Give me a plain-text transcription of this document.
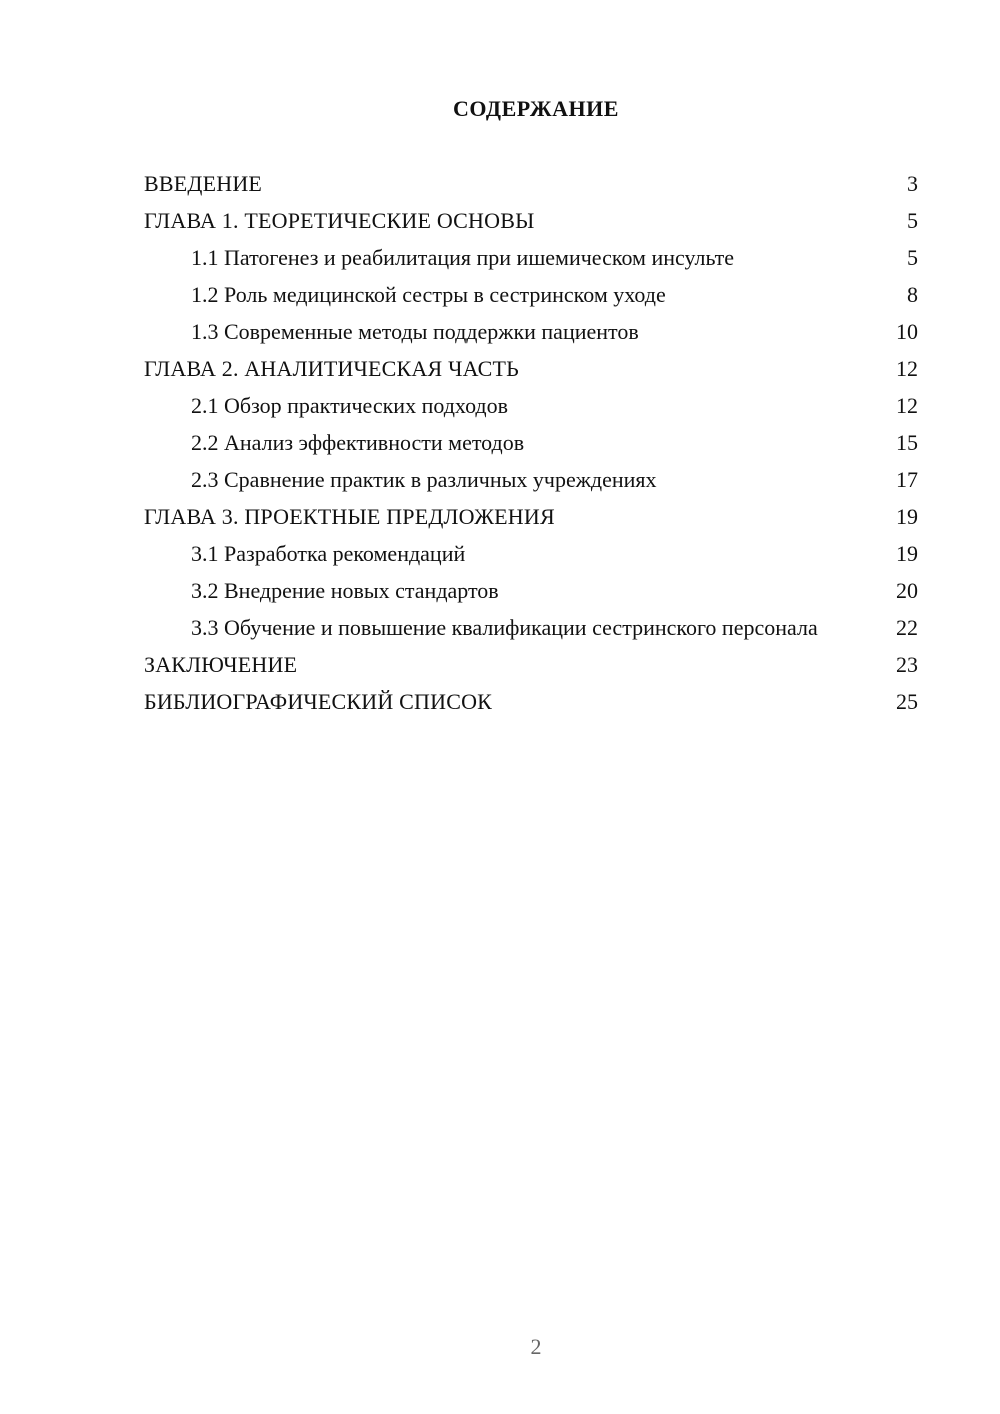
СОДЕРЖАНИЕ
ВВЕДЕНИЕ	3
ГЛАВА 1. ТЕОРЕТИЧЕСКИЕ ОСНОВЫ	5
1.1 Патогенез и реабилитация при ишемическом инсульте	5
1.2 Роль медицинской сестры в сестринском уходе	8
1.3 Современные методы поддержки пациентов	10
ГЛАВА 2. АНАЛИТИЧЕСКАЯ ЧАСТЬ	12
2.1 Обзор практических подходов	12
2.2 Анализ эффективности методов	15
2.3 Сравнение практик в различных учреждениях	17
ГЛАВА 3. ПРОЕКТНЫЕ ПРЕДЛОЖЕНИЯ	19
3.1 Разработка рекомендаций	19
3.2 Внедрение новых стандартов	20
3.3 Обучение и повышение квалификации сестринского персонала	22
ЗАКЛЮЧЕНИЕ	23
БИБЛИОГРАФИЧЕСКИЙ СПИСОК	25
2
